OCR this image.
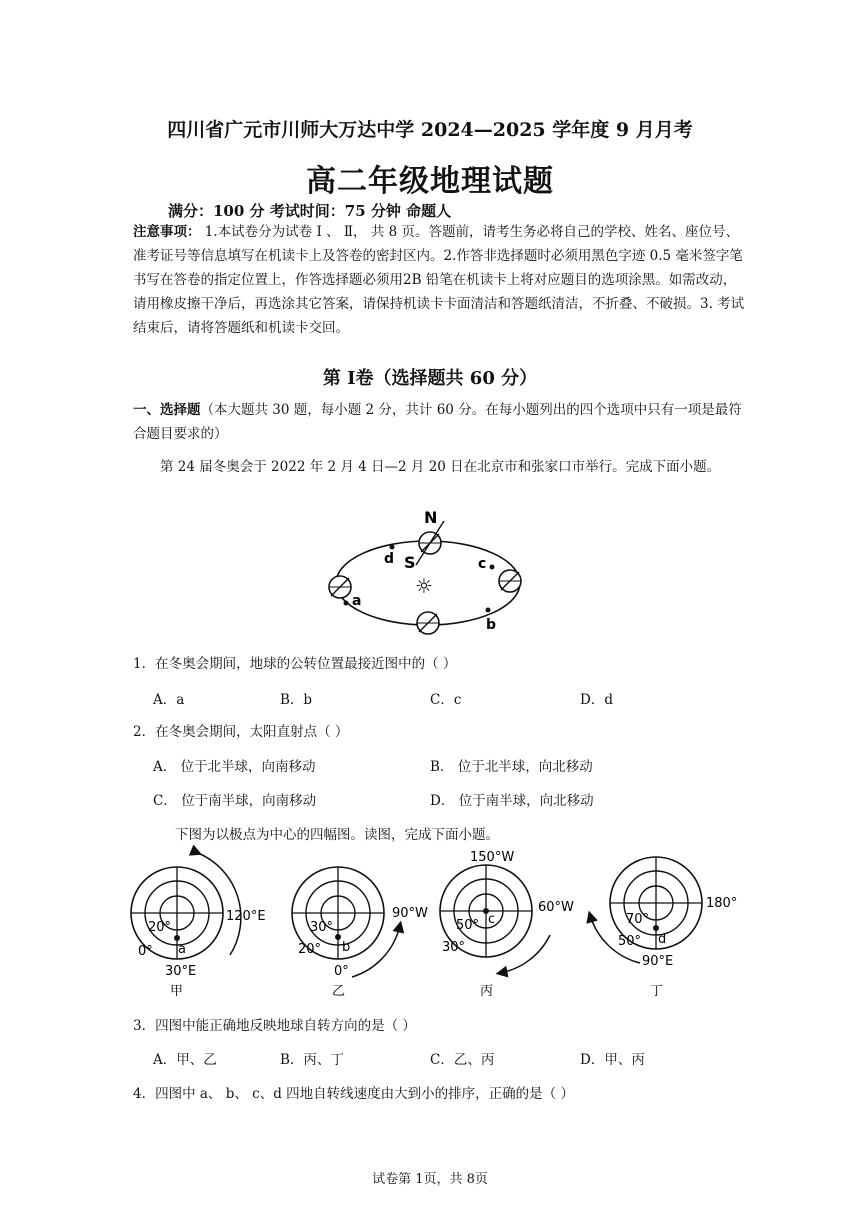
四川省广元市川师大万达中学 2024—2025 学年度 9 月月考
高二年级地理试题
满分：100 分 考试时间：75 分钟 命题人
注意事项： 1.本试卷分为试卷 Ⅰ 、 Ⅱ， 共 8 页。答题前，请考生务必将自己的学校、姓名、座位号、准考证号等信息填写在机读卡上及答卷的密封区内。2.作答非选择题时必须用黑色字迹 0.5 毫米签字笔书写在答卷的指定位置上，作答选择题必须用2B 铅笔在机读卡上将对应题目的选项涂黑。如需改动，请用橡皮擦干净后，再选涂其它答案，请保持机读卡卡面清洁和答题纸清洁，不折叠、不破损。3. 考试结束后，请将答题纸和机读卡交回。
第 Ⅰ卷（选择题共 60 分）
一、选择题（本大题共 30 题，每小题 2 分，共计 60 分。在每小题列出的四个选项中只有一项是最符合题目要求的）
第 24 届冬奥会于 2022 年 2 月 4 日—2 月 20 日在北京市和张家口市举行。完成下面小题。
N
S
d	c
b
a
☼
1．在冬奥会期间，地球的公转位置最接近图中的（ ）
A．a	B．b	C．c	D．d
2．在冬奥会期间，太阳直射点（ ）
A． 位于北半球，向南移动	B． 位于北半球，向北移动
C． 位于南半球，向南移动	D． 位于南半球，向北移动
下图为以极点为中心的四幅图。读图，完成下面小题。
120°E
20°
0° a
30°E
甲
90°W
30°
20° b
0°
乙
150°W
60°W
50°
30°
c
丙
180°
70°
50° d
90°E
丁
3．四图中能正确地反映地球自转方向的是（ ）
A．甲、乙	B．丙、丁	C．乙、丙	D．甲、丙
4．四图中 a、 b、 c、d 四地自转线速度由大到小的排序，正确的是（ ）
试卷第 1页，共 8页
